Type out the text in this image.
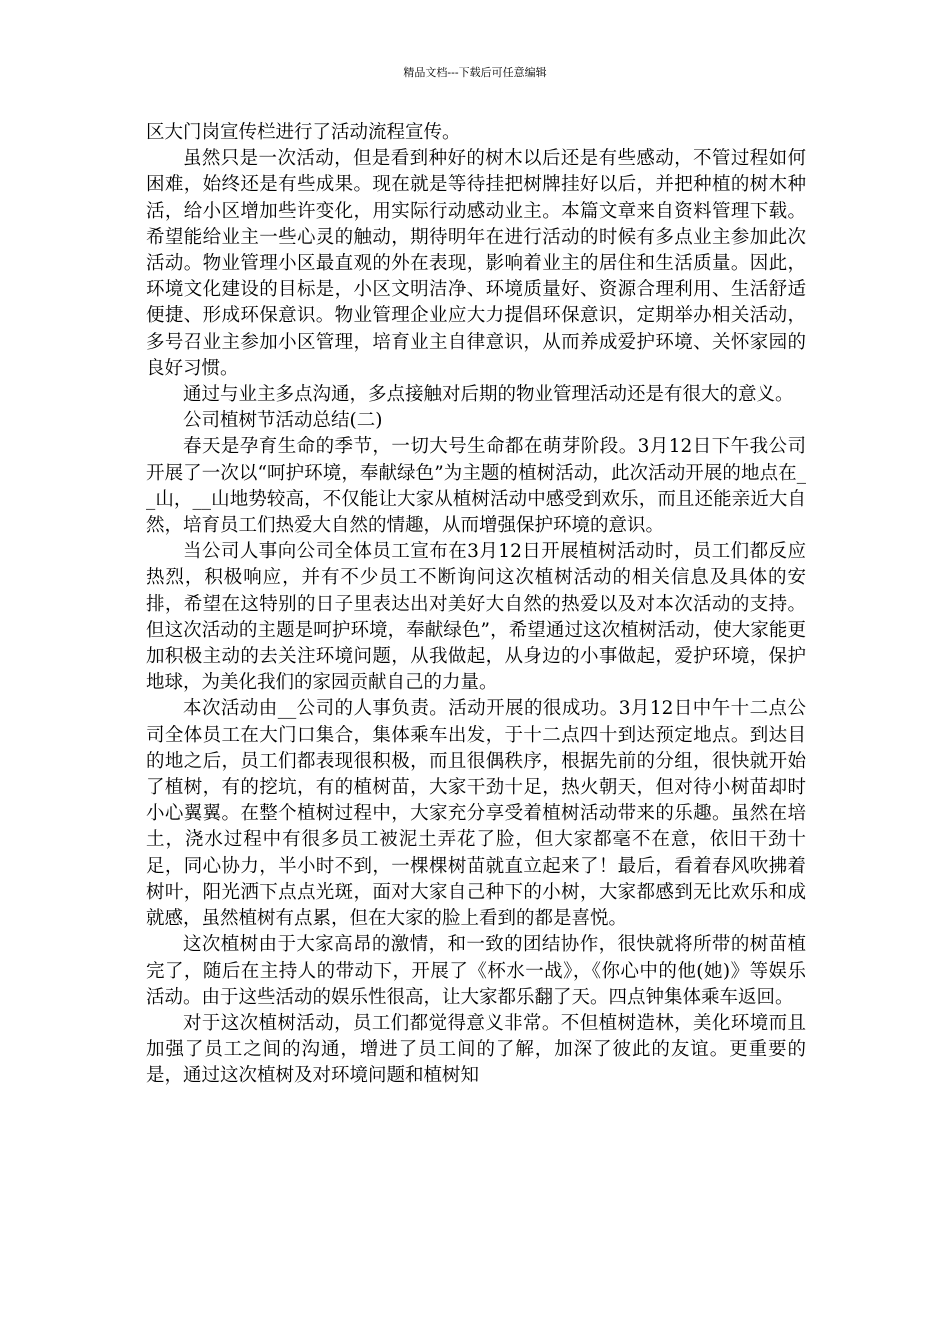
精品文档---下载后可任意编辑

区大门岗宣传栏进行了活动流程宣传。

虽然只是一次活动，但是看到种好的树木以后还是有些感动，不管过程如何困难，始终还是有些成果。现在就是等待挂把树牌挂好以后，并把种植的树木种活，给小区增加些许变化，用实际行动感动业主。本篇文章来自资料管理下载。希望能给业主一些心灵的触动，期待明年在进行活动的时候有多点业主参加此次活动。物业管理小区最直观的外在表现，影响着业主的居住和生活质量。因此，环境文化建设的目标是，小区文明洁净、环境质量好、资源合理利用、生活舒适便捷、形成环保意识。物业管理企业应大力提倡环保意识，定期举办相关活动，多号召业主参加小区管理，培育业主自律意识，从而养成爱护环境、关怀家园的良好习惯。

通过与业主多点沟通，多点接触对后期的物业管理活动还是有很大的意义。

公司植树节活动总结(二)

春天是孕育生命的季节，一切大号生命都在萌芽阶段。3月12日下午我公司开展了一次以“呵护环境，奉献绿色”为主题的植树活动，此次活动开展的地点在__山，__山地势较高，不仅能让大家从植树活动中感受到欢乐，而且还能亲近大自然，培育员工们热爱大自然的情趣，从而增强保护环境的意识。

当公司人事向公司全体员工宣布在3月12日开展植树活动时，员工们都反应热烈，积极响应，并有不少员工不断询问这次植树活动的相关信息及具体的安排，希望在这特别的日子里表达出对美好大自然的热爱以及对本次活动的支持。但这次活动的主题是呵护环境，奉献绿色”，希望通过这次植树活动，使大家能更加积极主动的去关注环境问题，从我做起，从身边的小事做起，爱护环境，保护地球，为美化我们的家园贡献自己的力量。

本次活动由__公司的人事负责。活动开展的很成功。3月12日中午十二点公司全体员工在大门口集合，集体乘车出发，于十二点四十到达预定地点。到达目的地之后，员工们都表现很积极，而且很偶秩序，根据先前的分组，很快就开始了植树，有的挖坑，有的植树苗，大家干劲十足，热火朝天，但对待小树苗却时小心翼翼。在整个植树过程中，大家充分享受着植树活动带来的乐趣。虽然在培土，浇水过程中有很多员工被泥土弄花了脸，但大家都毫不在意，依旧干劲十足，同心协力，半小时不到，一棵棵树苗就直立起来了！最后，看着春风吹拂着树叶，阳光洒下点点光斑，面对大家自己种下的小树，大家都感到无比欢乐和成就感，虽然植树有点累，但在大家的脸上看到的都是喜悦。

这次植树由于大家高昂的激情，和一致的团结协作，很快就将所带的树苗植完了，随后在主持人的带动下，开展了《杯水一战》，《你心中的他(她)》等娱乐活动。由于这些活动的娱乐性很高，让大家都乐翻了天。四点钟集体乘车返回。

对于这次植树活动，员工们都觉得意义非常。不但植树造林，美化环境而且加强了员工之间的沟通，增进了员工间的了解，加深了彼此的友谊。更重要的是，通过这次植树及对环境问题和植树知
